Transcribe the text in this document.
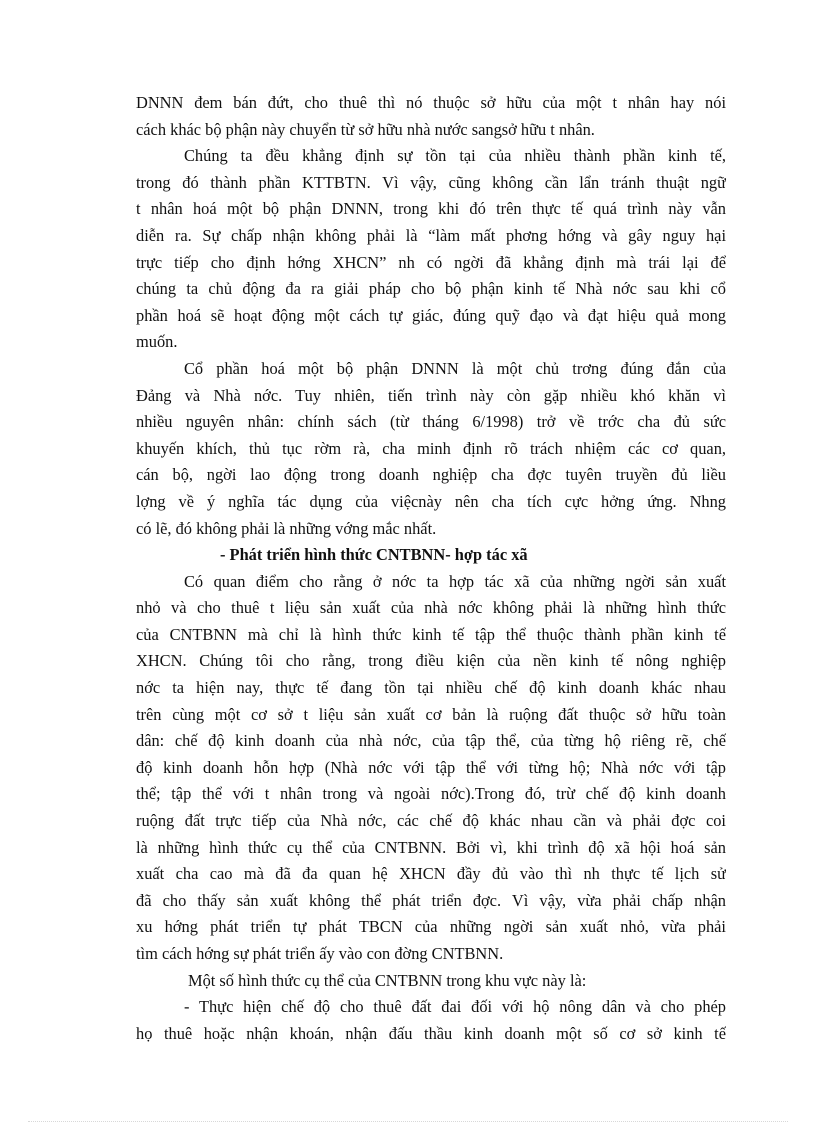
DNNN đem bán đứt, cho thuê thì nó thuộc sở hữu của một t nhân hay nói
cách khác bộ phận này chuyển từ sở hữu nhà nước sangsở hữu t nhân.
Chúng ta đều khẳng định sự tồn tại của nhiều thành phần kinh tế,
trong đó thành phần KTTBTN. Vì vậy, cũng không cần lẩn tránh thuật ngữ
t nhân hoá một bộ phận DNNN, trong khi đó trên thực tế quá trình này vẫn
diễn ra. Sự chấp nhận không phải là “làm mất phơng hớng và gây nguy hại
trực tiếp cho định hớng XHCN” nh có ngời đã khẳng định mà trái lại để
chúng ta chủ động đa ra giải pháp cho bộ phận kinh tế Nhà nớc sau khi cổ
phần hoá sẽ hoạt động một cách tự giác, đúng quỹ đạo và đạt hiệu quả mong
muốn.
Cổ phần hoá một bộ phận DNNN là một chủ trơng đúng đắn của
Đảng và Nhà nớc. Tuy nhiên, tiến trình này còn gặp nhiều khó khăn vì
nhiều nguyên nhân: chính sách (từ tháng 6/1998) trở về trớc cha đủ sức
khuyến khích, thủ tục rờm rà, cha minh định rõ trách nhiệm các cơ quan,
cán bộ, ngời lao động trong doanh nghiệp cha đợc tuyên truyền đủ liều
lợng về ý nghĩa tác dụng của việcnày nên cha tích cực hởng ứng. Nhng
có lẽ, đó không phải là những vớng mắc nhất.
- Phát triển hình thức CNTBNN- hợp tác xã
Có quan điểm cho rằng ở nớc ta hợp tác xã của những ngời sản xuất
nhỏ và cho thuê t liệu sản xuất của nhà nớc không phải là những hình thức
của CNTBNN mà chỉ là hình thức kinh tế tập thể thuộc thành phần kinh tế
XHCN. Chúng tôi cho rằng, trong điều kiện của nền kinh tế nông nghiệp
nớc ta hiện nay, thực tế đang tồn tại nhiều chế độ kinh doanh khác nhau
trên cùng một cơ sở t liệu sản xuất cơ bản là ruộng đất thuộc sở hữu toàn
dân: chế độ kinh doanh của nhà nớc, của tập thể, của từng hộ riêng rẽ, chế
độ kinh doanh hỗn hợp (Nhà nớc với tập thể với từng hộ; Nhà nớc với tập
thể; tập thể với t nhân trong và ngoài nớc).Trong đó, trừ chế độ kinh doanh
ruộng đất trực tiếp của Nhà nớc, các chế độ khác nhau cần và phải đợc coi
là những hình thức cụ thể của CNTBNN. Bởi vì, khi trình độ xã hội hoá sản
xuất cha cao mà đã đa quan hệ XHCN đầy đủ vào thì nh thực tế lịch sử
đã cho thấy sản xuất không thể phát triển đợc. Vì vậy, vừa phải chấp nhận
xu hớng phát triển tự phát TBCN của những ngời sản xuất nhỏ, vừa phải
tìm cách hớng sự phát triển ấy vào con đờng CNTBNN.
Một số hình thức cụ thể của CNTBNN trong khu vực này là:
- Thực hiện chế độ cho thuê đất đai đối với hộ nông dân và cho phép
họ thuê hoặc nhận khoán, nhận đấu thầu kinh doanh một số cơ sở kinh tế
